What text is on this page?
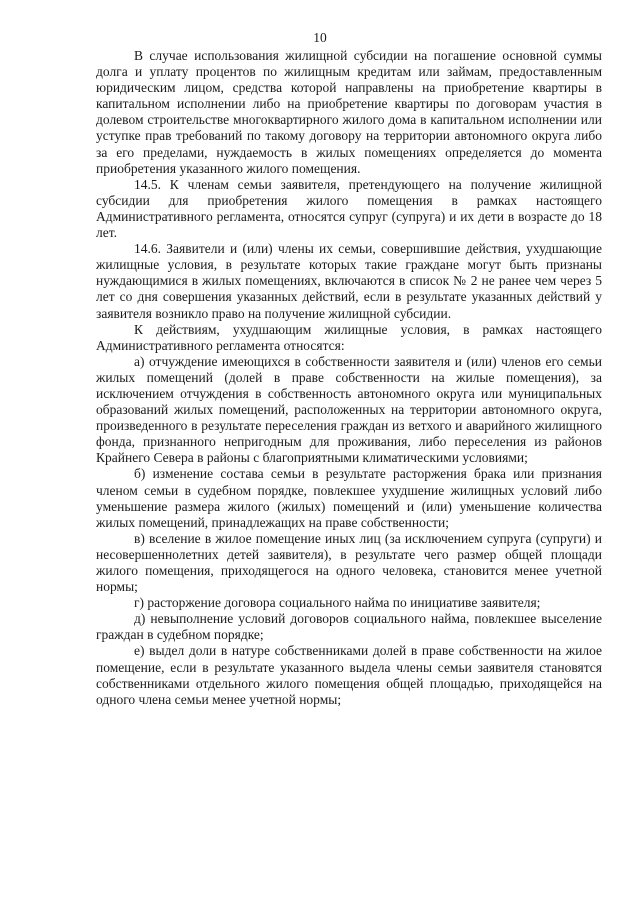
10

В случае использования жилищной субсидии на погашение основной суммы долга и уплату процентов по жилищным кредитам или займам, предоставленным юридическим лицом, средства которой направлены на приобретение квартиры в капитальном исполнении либо на приобретение квартиры по договорам участия в долевом строительстве многоквартирного жилого дома в капитальном исполнении или уступке прав требований по такому договору на территории автономного округа либо за его пределами, нуждаемость в жилых помещениях определяется до момента приобретения указанного жилого помещения.

14.5. К членам семьи заявителя, претендующего на получение жилищной субсидии для приобретения жилого помещения в рамках настоящего Административного регламента, относятся супруг (супруга) и их дети в возрасте до 18 лет.

14.6. Заявители и (или) члены их семьи, совершившие действия, ухудшающие жилищные условия, в результате которых такие граждане могут быть признаны нуждающимися в жилых помещениях, включаются в список № 2 не ранее чем через 5 лет со дня совершения указанных действий, если в результате указанных действий у заявителя возникло право на получение жилищной субсидии.

К действиям, ухудшающим жилищные условия, в рамках настоящего Административного регламента относятся:

а) отчуждение имеющихся в собственности заявителя и (или) членов его семьи жилых помещений (долей в праве собственности на жилые помещения), за исключением отчуждения в собственность автономного округа или муниципальных образований жилых помещений, расположенных на территории автономного округа, произведенного в результате переселения граждан из ветхого и аварийного жилищного фонда, признанного непригодным для проживания, либо переселения из районов Крайнего Севера в районы с благоприятными климатическими условиями;

б) изменение состава семьи в результате расторжения брака или признания членом семьи в судебном порядке, повлекшее ухудшение жилищных условий либо уменьшение размера жилого (жилых) помещений и (или) уменьшение количества жилых помещений, принадлежащих на праве собственности;

в) вселение в жилое помещение иных лиц (за исключением супруга (супруги) и несовершеннолетних детей заявителя), в результате чего размер общей площади жилого помещения, приходящегося на одного человека, становится менее учетной нормы;

г) расторжение договора социального найма по инициативе заявителя;

д) невыполнение условий договоров социального найма, повлекшее выселение граждан в судебном порядке;

е) выдел доли в натуре собственниками долей в праве собственности на жилое помещение, если в результате указанного выдела члены семьи заявителя становятся собственниками отдельного жилого помещения общей площадью, приходящейся на одного члена семьи менее учетной нормы;
